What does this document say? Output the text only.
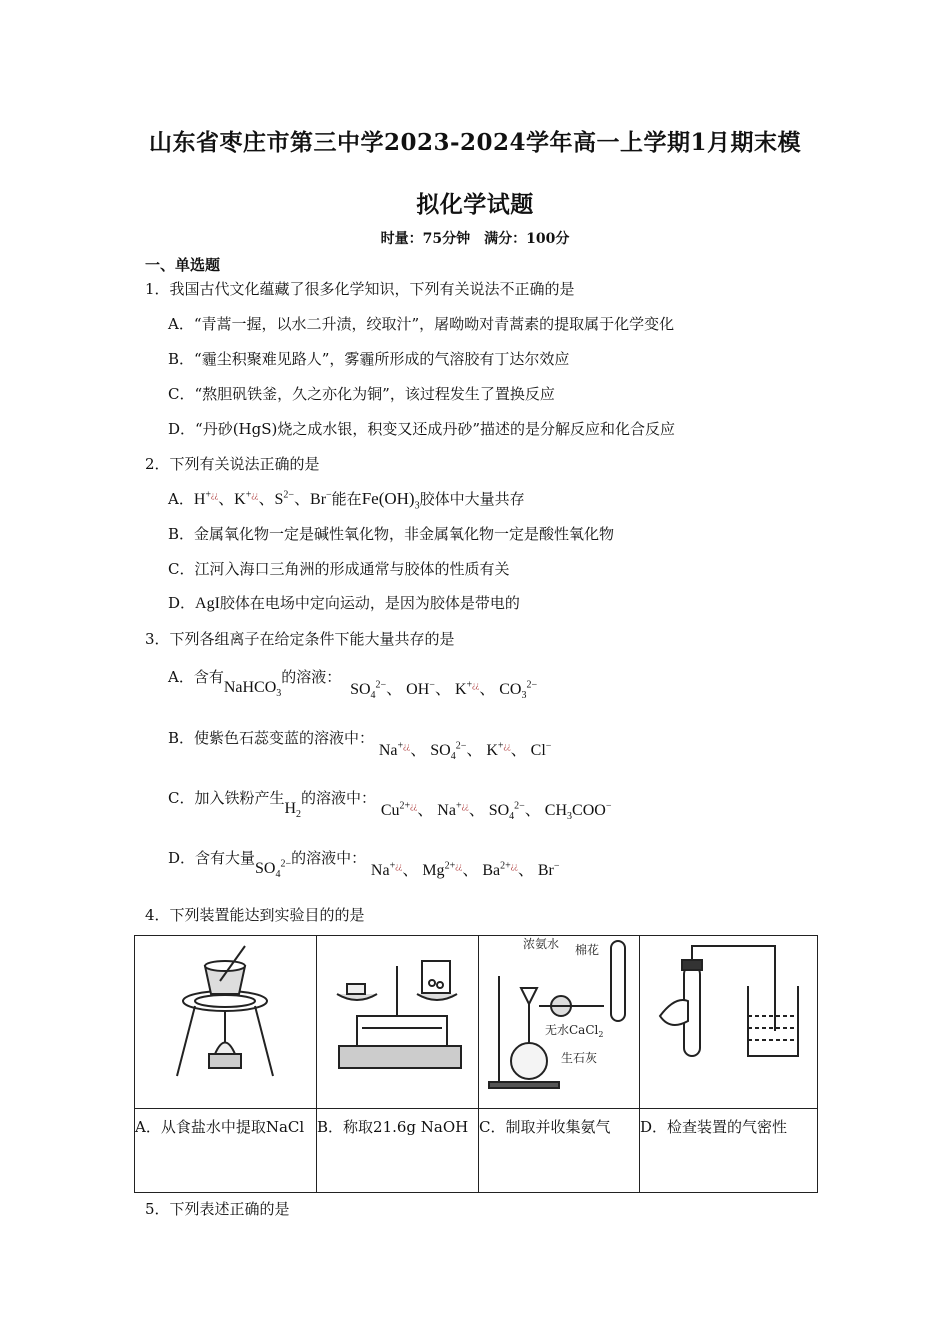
山东省枣庄市第三中学2023-2024学年高一上学期1月期末模
拟化学试题
时量：75分钟　满分：100分
一、单选题
1．我国古代文化蕴藏了很多化学知识，下列有关说法不正确的是
A．“青蒿一握，以水二升渍，绞取汁”，屠呦呦对青蒿素的提取属于化学变化
B．“霾尘积聚难见路人”，雾霾所形成的气溶胶有丁达尔效应
C．“熬胆矾铁釜，久之亦化为铜”，该过程发生了置换反应
D．“丹砂(HgS)烧之成水银，积变又还成丹砂”描述的是分解反应和化合反应
2．下列有关说法正确的是
A．H+¿¿、K+¿¿、$S^{2-}$、Br−能在$Fe(OH)_3$胶体中大量共存
B．金属氧化物一定是碱性氧化物，非金属氧化物一定是酸性氧化物
C．江河入海口三角洲的形成通常与胶体的性质有关
D．AgI胶体在电场中定向运动，是因为胶体是带电的
3．下列各组离子在给定条件下能大量共存的是
A．含有NaHCO$_3$的溶液：  $SO_4^{2-}$、 OH−、 K+¿¿、 $CO_3^{2-}$
B．使紫色石蕊变蓝的溶液中： Na+¿¿、 $SO_4^{2-}$、 K+¿¿、 Cl−
C．加入铁粉产生$H_2$的溶液中： $Cu^{2+¿¿}$、 Na+¿¿、 $SO_4^{2-}$、 $CH_3COO^-$
D．含有大量$SO_4^{2-}$的溶液中： Na+¿¿、 $Mg^{2+¿¿}$、 $Ba^{2+¿¿}$、 Br−
4．下列装置能达到实验目的的是

浓氨水 棉花
无水CaCl$_2$
生石灰

A．从食盐水中提取NaCl	B．称取21.6g NaOH	C．制取并收集氨气	D．检查装置的气密性
5．下列表述正确的是
